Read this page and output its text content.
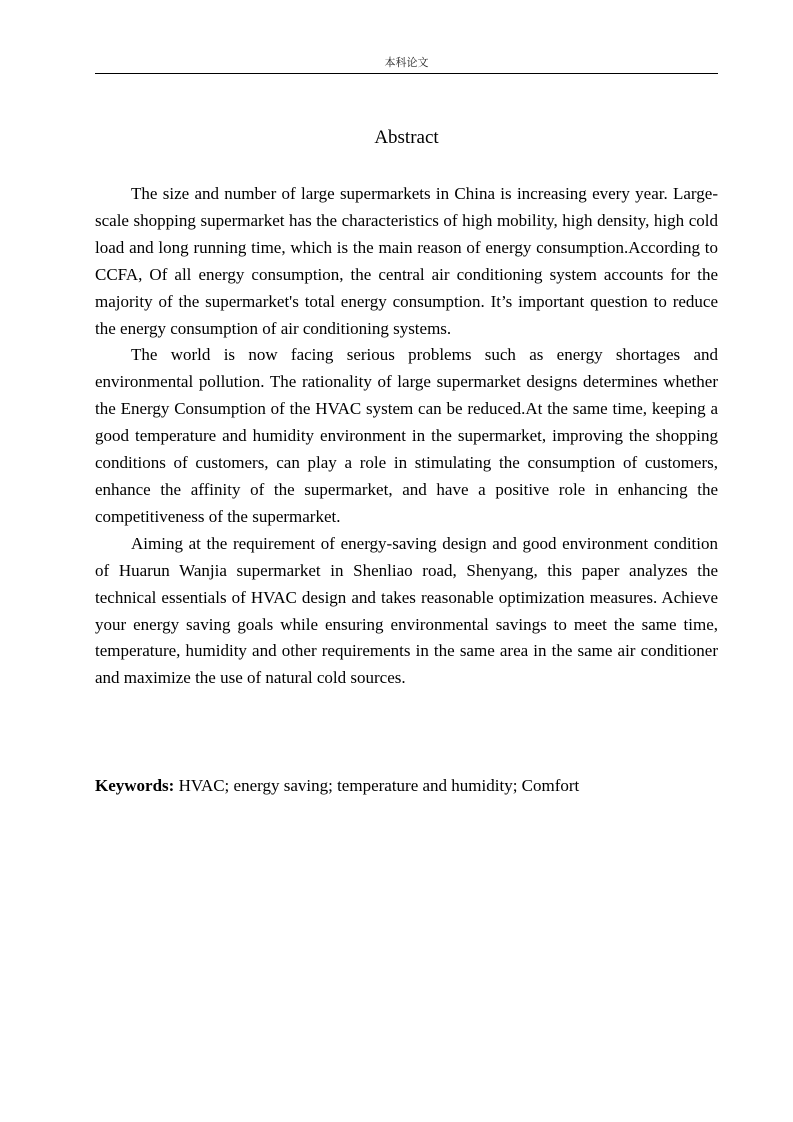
本科论文
Abstract

The size and number of large supermarkets in China is increasing every year. Large-scale shopping supermarket has the characteristics of high mobility, high density, high cold load and long running time, which is the main reason of energy consumption.According to CCFA, Of all energy consumption, the central air conditioning system accounts for the majority of the supermarket's total energy consumption. It’s important question to reduce the energy consumption of air conditioning systems.

The world is now facing serious problems such as energy shortages and environmental pollution. The rationality of large supermarket designs determines whether the Energy Consumption of the HVAC system can be reduced.At the same time, keeping a good temperature and humidity environment in the supermarket, improving the shopping conditions of customers, can play a role in stimulating the consumption of customers, enhance the affinity of the supermarket, and have a positive role in enhancing the competitiveness of the supermarket.

Aiming at the requirement of energy-saving design and good environment condition of Huarun Wanjia supermarket in Shenliao road, Shenyang, this paper analyzes the technical essentials of HVAC design and takes reasonable optimization measures. Achieve your energy saving goals while ensuring environmental savings to meet the same time, temperature, humidity and other requirements in the same area in the same air conditioner and maximize the use of natural cold sources.

Keywords: HVAC; energy saving; temperature and humidity; Comfort
